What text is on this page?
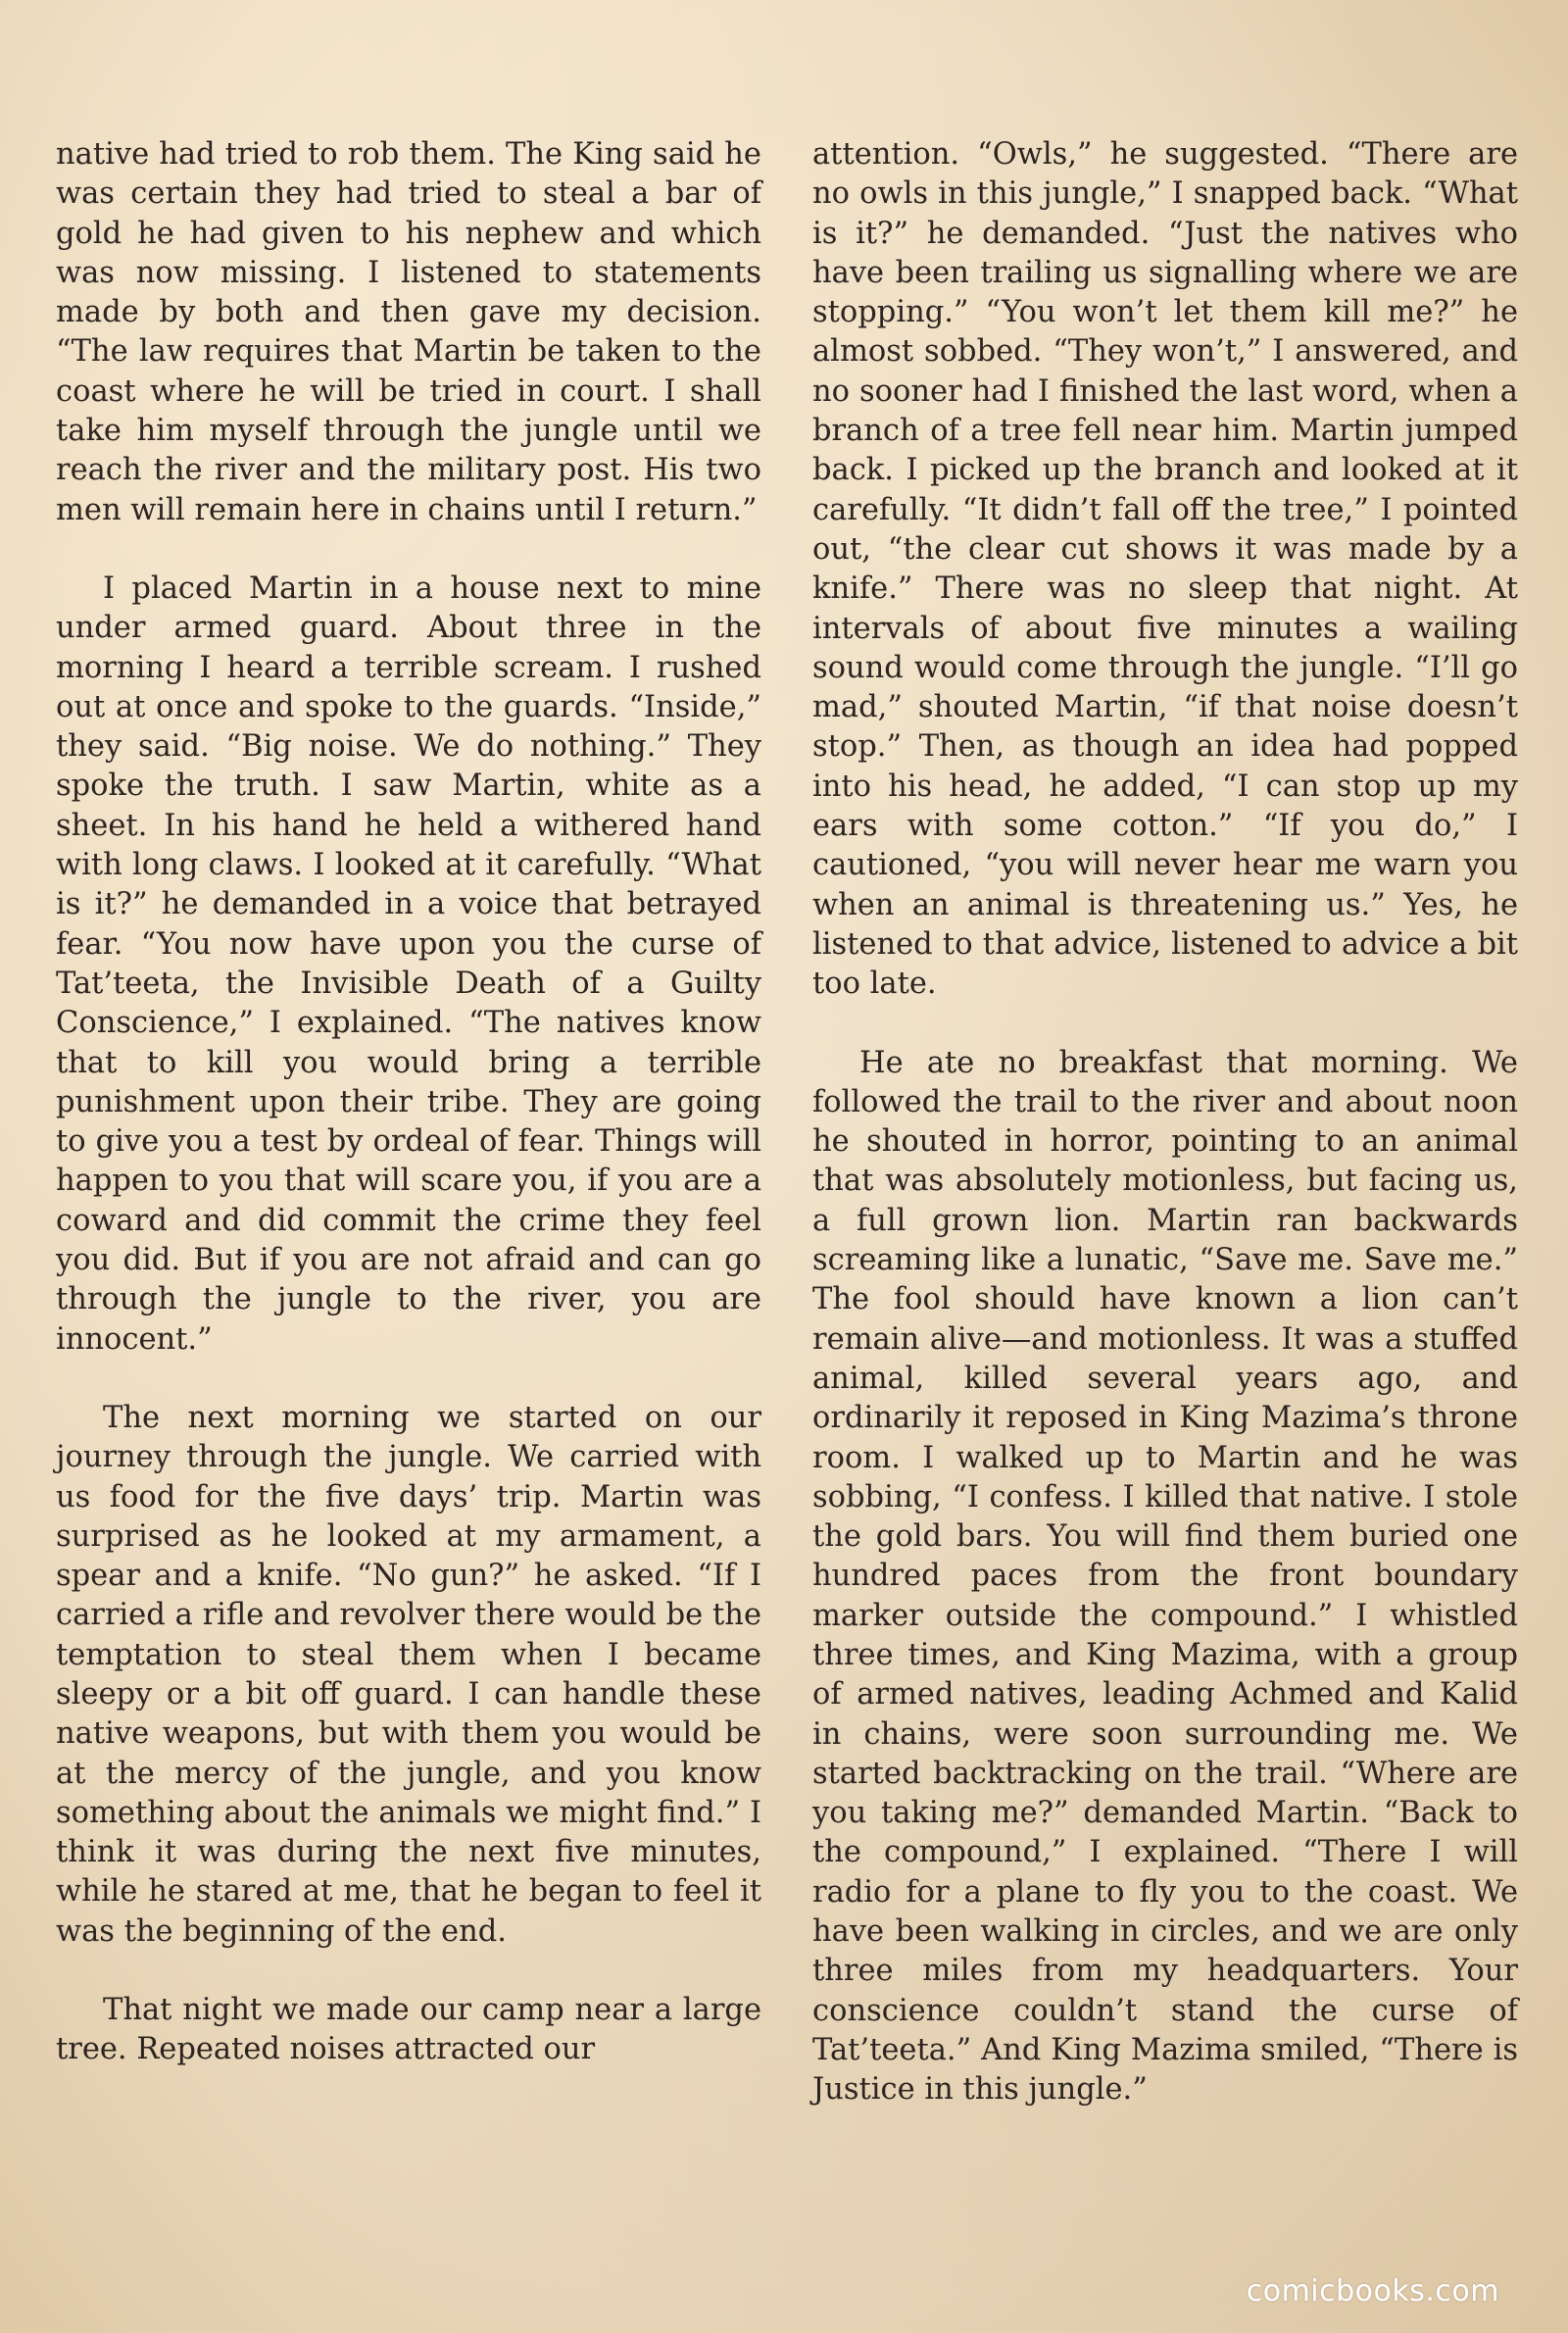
native had tried to rob them. The King said he was certain they had tried to steal a bar of gold he had given to his nephew and which was now missing. I listened to statements made by both and then gave my decision. “The law requires that Martin be taken to the coast where he will be tried in court. I shall take him myself through the jungle until we reach the river and the military post. His two men will remain here in chains until I return.”

I placed Martin in a house next to mine under armed guard. About three in the morning I heard a terrible scream. I rushed out at once and spoke to the guards. “Inside,” they said. “Big noise. We do nothing.” They spoke the truth. I saw Martin, white as a sheet. In his hand he held a withered hand with long claws. I looked at it carefully. “What is it?” he demanded in a voice that betrayed fear. “You now have upon you the curse of Tat’teeta, the Invisible Death of a Guilty Conscience,” I explained. “The natives know that to kill you would bring a terrible punishment upon their tribe. They are going to give you a test by ordeal of fear. Things will happen to you that will scare you, if you are a coward and did commit the crime they feel you did. But if you are not afraid and can go through the jungle to the river, you are innocent.”

The next morning we started on our journey through the jungle. We carried with us food for the five days’ trip. Martin was surprised as he looked at my armament, a spear and a knife. “No gun?” he asked. “If I carried a rifle and revolver there would be the temptation to steal them when I became sleepy or a bit off guard. I can handle these native weapons, but with them you would be at the mercy of the jungle, and you know something about the animals we might find.” I think it was during the next five minutes, while he stared at me, that he began to feel it was the beginning of the end.

That night we made our camp near a large tree. Repeated noises attracted our

attention. “Owls,” he suggested. “There are no owls in this jungle,” I snapped back. “What is it?” he demanded. “Just the natives who have been trailing us signalling where we are stopping.” “You won’t let them kill me?” he almost sobbed. “They won’t,” I answered, and no sooner had I finished the last word, when a branch of a tree fell near him. Martin jumped back. I picked up the branch and looked at it carefully. “It didn’t fall off the tree,” I pointed out, “the clear cut shows it was made by a knife.” There was no sleep that night. At intervals of about five minutes a wailing sound would come through the jungle. “I’ll go mad,” shouted Martin, “if that noise doesn’t stop.” Then, as though an idea had popped into his head, he added, “I can stop up my ears with some cotton.” “If you do,” I cautioned, “you will never hear me warn you when an animal is threatening us.” Yes, he listened to that advice, listened to advice a bit too late.

He ate no breakfast that morning. We followed the trail to the river and about noon he shouted in horror, pointing to an animal that was absolutely motionless, but facing us, a full grown lion. Martin ran backwards screaming like a lunatic, “Save me. Save me.” The fool should have known a lion can’t remain alive—and motionless. It was a stuffed animal, killed several years ago, and ordinarily it reposed in King Mazima’s throne room. I walked up to Martin and he was sobbing, “I confess. I killed that native. I stole the gold bars. You will find them buried one hundred paces from the front boundary marker outside the compound.” I whistled three times, and King Mazima, with a group of armed natives, leading Achmed and Kalid in chains, were soon surrounding me. We started backtracking on the trail. “Where are you taking me?” demanded Martin. “Back to the compound,” I explained. “There I will radio for a plane to fly you to the coast. We have been walking in circles, and we are only three miles from my headquarters. Your conscience couldn’t stand the curse of Tat’teeta.” And King Mazima smiled, “There is Justice in this jungle.”

comicbooks.com
